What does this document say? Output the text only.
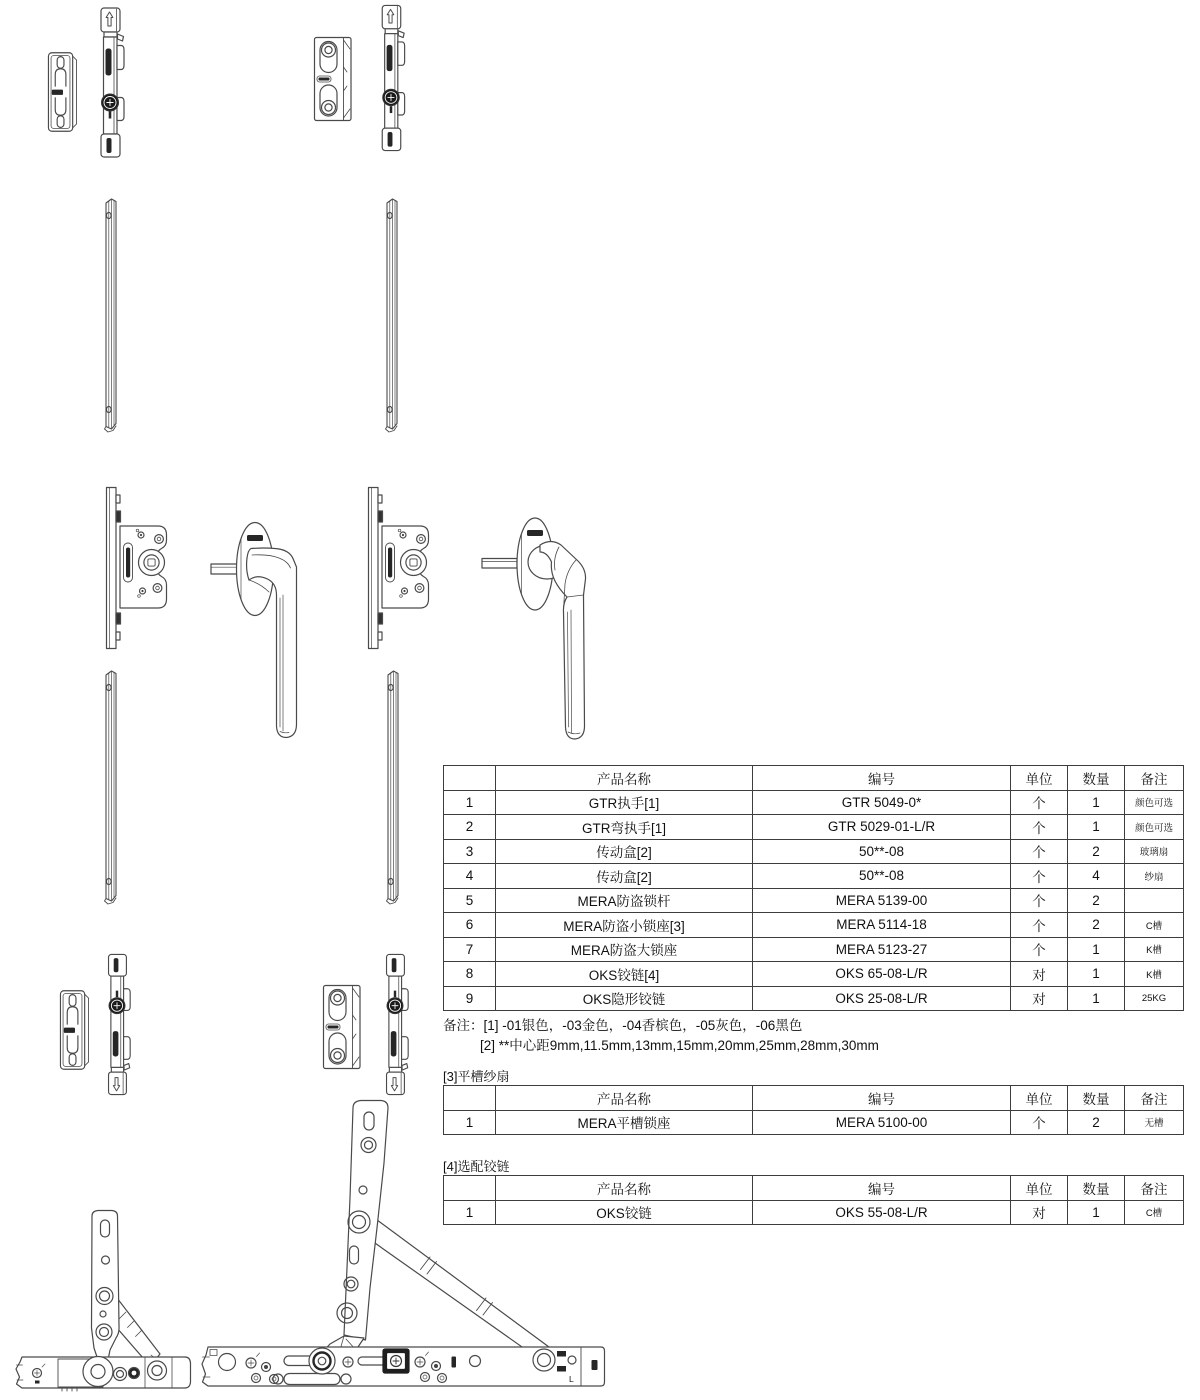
	产品名称	编号	单位	数量	备注
1	GTR执手[1]	GTR 5049-0*	个	1	颜色可选
2	GTR弯执手[1]	GTR 5029-01-L/R	个	1	颜色可选
3	传动盒[2]	50**-08	个	2	玻璃扇
4	传动盒[2]	50**-08	个	4	纱扇
5	MERA防盗锁杆	MERA 5139-00	个	2	
6	MERA防盗小锁座[3]	MERA 5114-18	个	2	C槽
7	MERA防盗大锁座	MERA 5123-27	个	1	K槽
8	OKS铰链[4]	OKS 65-08-L/R	对	1	K槽
9	OKS隐形铰链	OKS 25-08-L/R	对	1	25KG
备注：[1] -01银色，-03金色，-04香槟色，-05灰色，-06黑色
[2] **中心距9mm,11.5mm,13mm,15mm,20mm,25mm,28mm,30mm
[3]平槽纱扇
	产品名称	编号	单位	数量	备注
1	MERA平槽锁座	MERA 5100-00	个	2	无槽
[4]选配铰链
	产品名称	编号	单位	数量	备注
1	OKS铰链	OKS 55-08-L/R	对	1	C槽
